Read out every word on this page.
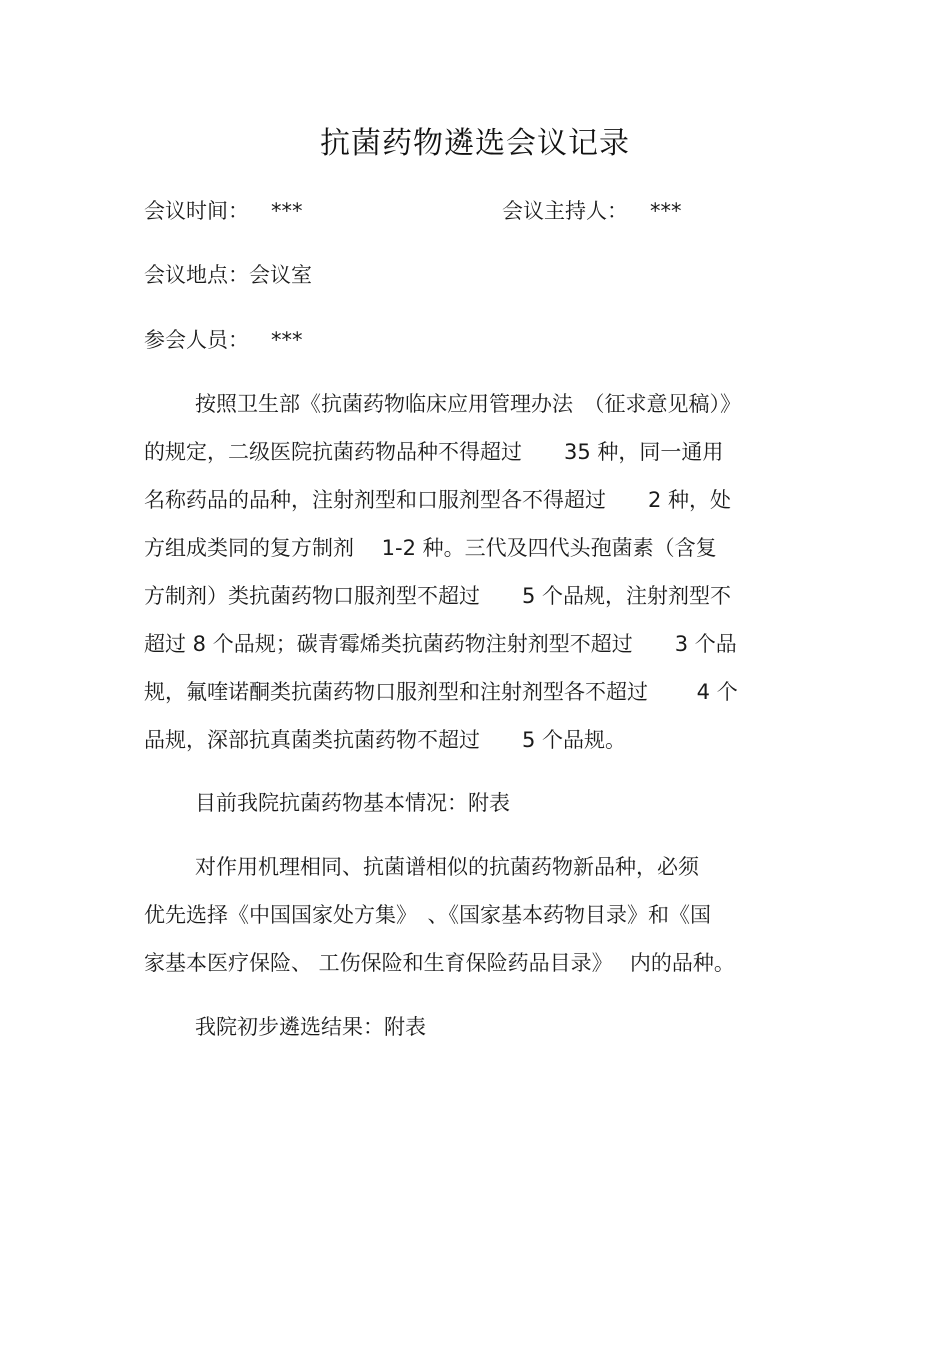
抗菌药物遴选会议记录
会议时间： ***	会议主持人： ***
会议地点：会议室
参会人员： ***
按照卫生部《抗菌药物临床应用管理办法　（征求意见稿）》
的规定，二级医院抗菌药物品种不得超过　　35 种，同一通用
名称药品的品种，注射剂型和口服剂型各不得超过　　2 种，处
方组成类同的复方制剂　 1-2 种。三代及四代头孢菌素（含复
方制剂）类抗菌药物口服剂型不超过　　5 个品规，注射剂型不
超过 8 个品规；碳青霉烯类抗菌药物注射剂型不超过　　3 个品
规，氟喹诺酮类抗菌药物口服剂型和注射剂型各不超过　　 4 个
品规，深部抗真菌类抗菌药物不超过　　5 个品规。
目前我院抗菌药物基本情况：附表
对作用机理相同、抗菌谱相似的抗菌药物新品种，必须
优先选择《中国国家处方集》　、《国家基本药物目录》和《国
家基本医疗保险、 工伤保险和生育保险药品目录》　 内的品种。
我院初步遴选结果：附表
